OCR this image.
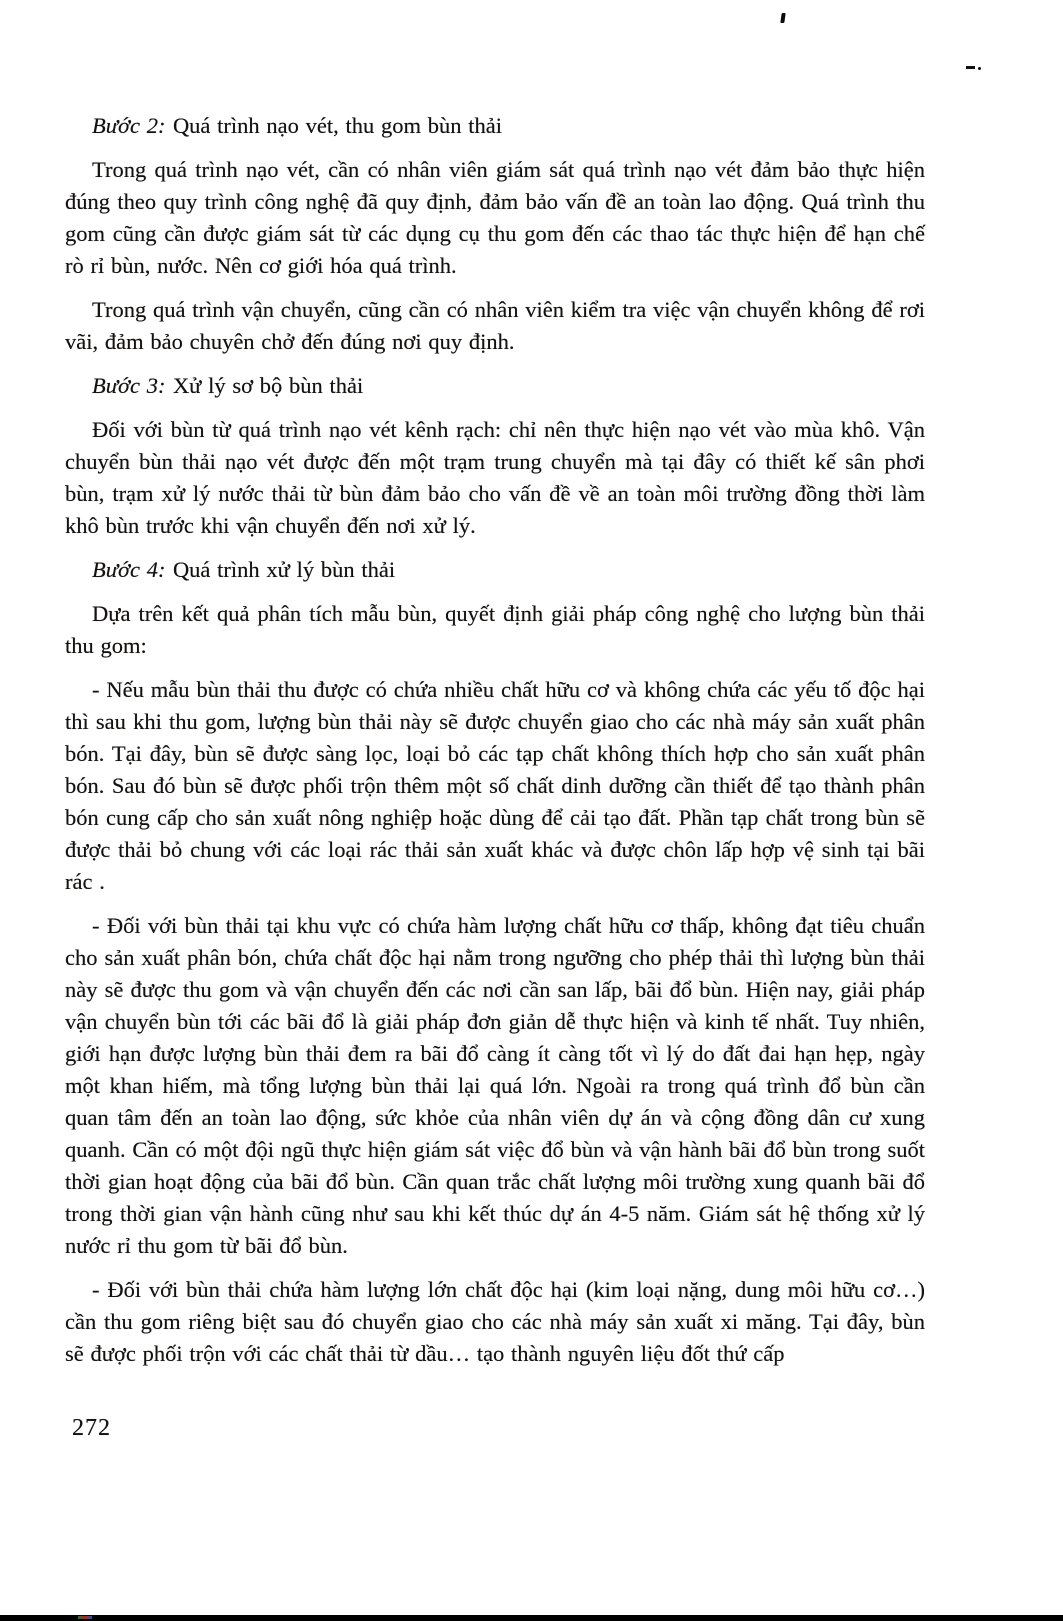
Bước 2: Quá trình nạo vét, thu gom bùn thải

Trong quá trình nạo vét, cần có nhân viên giám sát quá trình nạo vét đảm bảo thực hiện đúng theo quy trình công nghệ đã quy định, đảm bảo vấn đề an toàn lao động. Quá trình thu gom cũng cần được giám sát từ các dụng cụ thu gom đến các thao tác thực hiện để hạn chế rò rỉ bùn, nước. Nên cơ giới hóa quá trình.

Trong quá trình vận chuyển, cũng cần có nhân viên kiểm tra việc vận chuyển không để rơi vãi, đảm bảo chuyên chở đến đúng nơi quy định.

Bước 3: Xử lý sơ bộ bùn thải

Đối với bùn từ quá trình nạo vét kênh rạch: chỉ nên thực hiện nạo vét vào mùa khô. Vận chuyển bùn thải nạo vét được đến một trạm trung chuyển mà tại đây có thiết kế sân phơi bùn, trạm xử lý nước thải từ bùn đảm bảo cho vấn đề về an toàn môi trường đồng thời làm khô bùn trước khi vận chuyển đến nơi xử lý.

Bước 4: Quá trình xử lý bùn thải

Dựa trên kết quả phân tích mẫu bùn, quyết định giải pháp công nghệ cho lượng bùn thải thu gom:

- Nếu mẫu bùn thải thu được có chứa nhiều chất hữu cơ và không chứa các yếu tố độc hại thì sau khi thu gom, lượng bùn thải này sẽ được chuyển giao cho các nhà máy sản xuất phân bón. Tại đây, bùn sẽ được sàng lọc, loại bỏ các tạp chất không thích hợp cho sản xuất phân bón. Sau đó bùn sẽ được phối trộn thêm một số chất dinh dưỡng cần thiết để tạo thành phân bón cung cấp cho sản xuất nông nghiệp hoặc dùng để cải tạo đất. Phần tạp chất trong bùn sẽ được thải bỏ chung với các loại rác thải sản xuất khác và được chôn lấp hợp vệ sinh tại bãi rác .

- Đối với bùn thải tại khu vực có chứa hàm lượng chất hữu cơ thấp, không đạt tiêu chuẩn cho sản xuất phân bón, chứa chất độc hại nằm trong ngưỡng cho phép thải thì lượng bùn thải này sẽ được thu gom và vận chuyển đến các nơi cần san lấp, bãi đổ bùn. Hiện nay, giải pháp vận chuyển bùn tới các bãi đổ là giải pháp đơn giản dễ thực hiện và kinh tế nhất. Tuy nhiên, giới hạn được lượng bùn thải đem ra bãi đổ càng ít càng tốt vì lý do đất đai hạn hẹp, ngày một khan hiếm, mà tổng lượng bùn thải lại quá lớn. Ngoài ra trong quá trình đổ bùn cần quan tâm đến an toàn lao động, sức khỏe của nhân viên dự án và cộng đồng dân cư xung quanh. Cần có một đội ngũ thực hiện giám sát việc đổ bùn và vận hành bãi đổ bùn trong suốt thời gian hoạt động của bãi đổ bùn. Cần quan trắc chất lượng môi trường xung quanh bãi đổ trong thời gian vận hành cũng như sau khi kết thúc dự án 4-5 năm. Giám sát hệ thống xử lý nước rỉ thu gom từ bãi đổ bùn.

- Đối với bùn thải chứa hàm lượng lớn chất độc hại (kim loại nặng, dung môi hữu cơ…) cần thu gom riêng biệt sau đó chuyển giao cho các nhà máy sản xuất xi măng. Tại đây, bùn sẽ được phối trộn với các chất thải từ dầu… tạo thành nguyên liệu đốt thứ cấp

272
